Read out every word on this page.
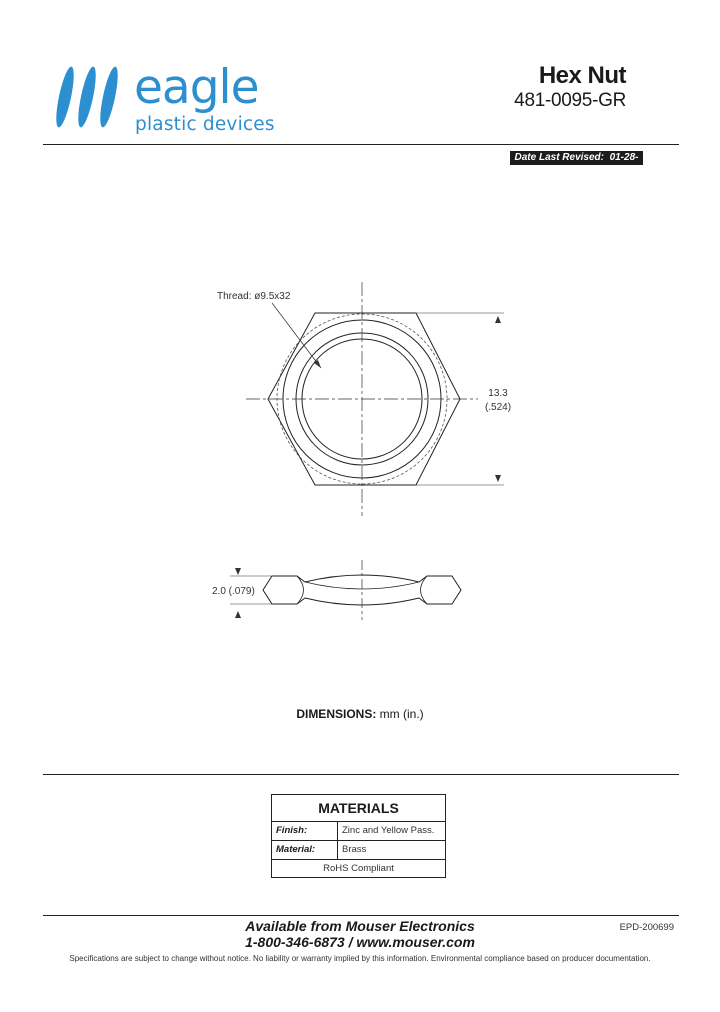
eagle
plastic devices
Hex Nut
481-0095-GR
Date Last Revised: 01-28-08
Thread: ø9.5x32
13.3
(.524)
2.0 (.079)
DIMENSIONS: mm (in.)
MATERIALS
Finish:	Zinc and Yellow Pass.
Material:	Brass
RoHS Compliant
Available from Mouser Electronics
1-800-346-6873 / www.mouser.com
EPD-200699
Specifications are subject to change without notice. No liability or warranty implied by this information. Environmental compliance based on producer documentation.
